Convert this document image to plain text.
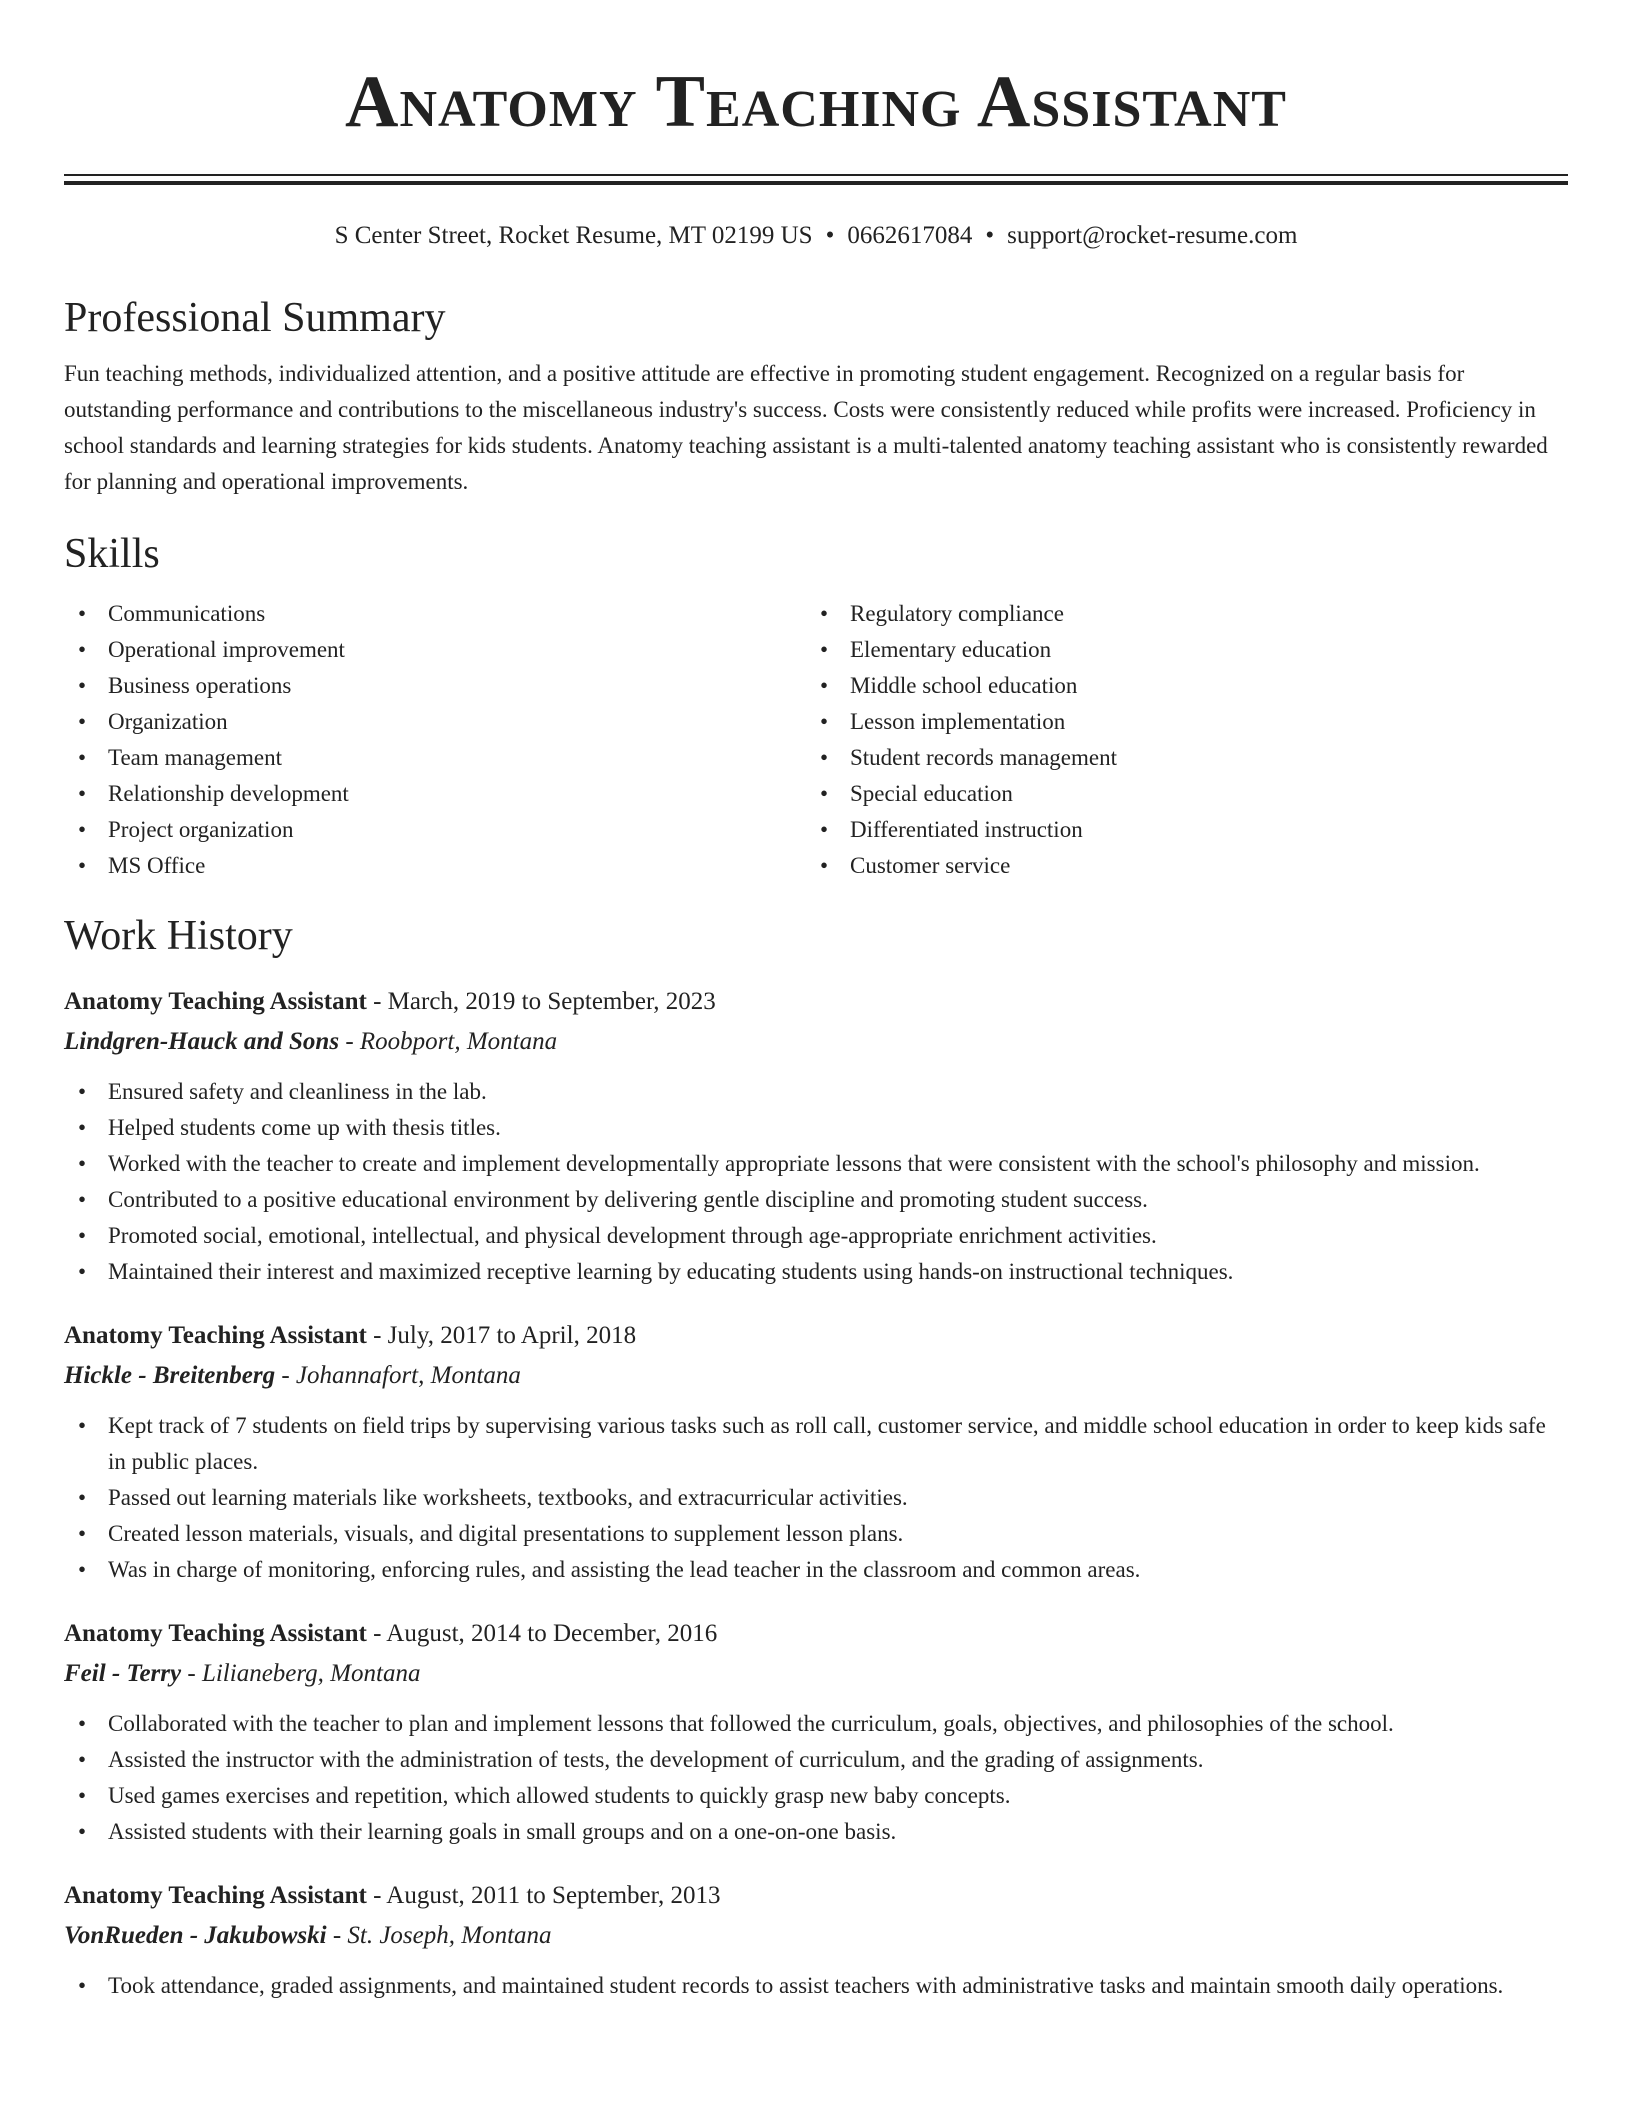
Anatomy Teaching Assistant
S Center Street, Rocket Resume, MT 02199 US • 0662617084 • support@rocket-resume.com
Professional Summary
Fun teaching methods, individualized attention, and a positive attitude are effective in promoting student engagement. Recognized on a regular basis for outstanding performance and contributions to the miscellaneous industry's success. Costs were consistently reduced while profits were increased. Proficiency in school standards and learning strategies for kids students. Anatomy teaching assistant is a multi-talented anatomy teaching assistant who is consistently rewarded for planning and operational improvements.
Skills
• Communications
• Operational improvement
• Business operations
• Organization
• Team management
• Relationship development
• Project organization
• MS Office
• Regulatory compliance
• Elementary education
• Middle school education
• Lesson implementation
• Student records management
• Special education
• Differentiated instruction
• Customer service
Work History
Anatomy Teaching Assistant - March, 2019 to September, 2023
Lindgren-Hauck and Sons - Roobport, Montana
• Ensured safety and cleanliness in the lab.
• Helped students come up with thesis titles.
• Worked with the teacher to create and implement developmentally appropriate lessons that were consistent with the school's philosophy and mission.
• Contributed to a positive educational environment by delivering gentle discipline and promoting student success.
• Promoted social, emotional, intellectual, and physical development through age-appropriate enrichment activities.
• Maintained their interest and maximized receptive learning by educating students using hands-on instructional techniques.
Anatomy Teaching Assistant - July, 2017 to April, 2018
Hickle - Breitenberg - Johannafort, Montana
• Kept track of 7 students on field trips by supervising various tasks such as roll call, customer service, and middle school education in order to keep kids safe in public places.
• Passed out learning materials like worksheets, textbooks, and extracurricular activities.
• Created lesson materials, visuals, and digital presentations to supplement lesson plans.
• Was in charge of monitoring, enforcing rules, and assisting the lead teacher in the classroom and common areas.
Anatomy Teaching Assistant - August, 2014 to December, 2016
Feil - Terry - Lilianeberg, Montana
• Collaborated with the teacher to plan and implement lessons that followed the curriculum, goals, objectives, and philosophies of the school.
• Assisted the instructor with the administration of tests, the development of curriculum, and the grading of assignments.
• Used games exercises and repetition, which allowed students to quickly grasp new baby concepts.
• Assisted students with their learning goals in small groups and on a one-on-one basis.
Anatomy Teaching Assistant - August, 2011 to September, 2013
VonRueden - Jakubowski - St. Joseph, Montana
• Took attendance, graded assignments, and maintained student records to assist teachers with administrative tasks and maintain smooth daily operations.
